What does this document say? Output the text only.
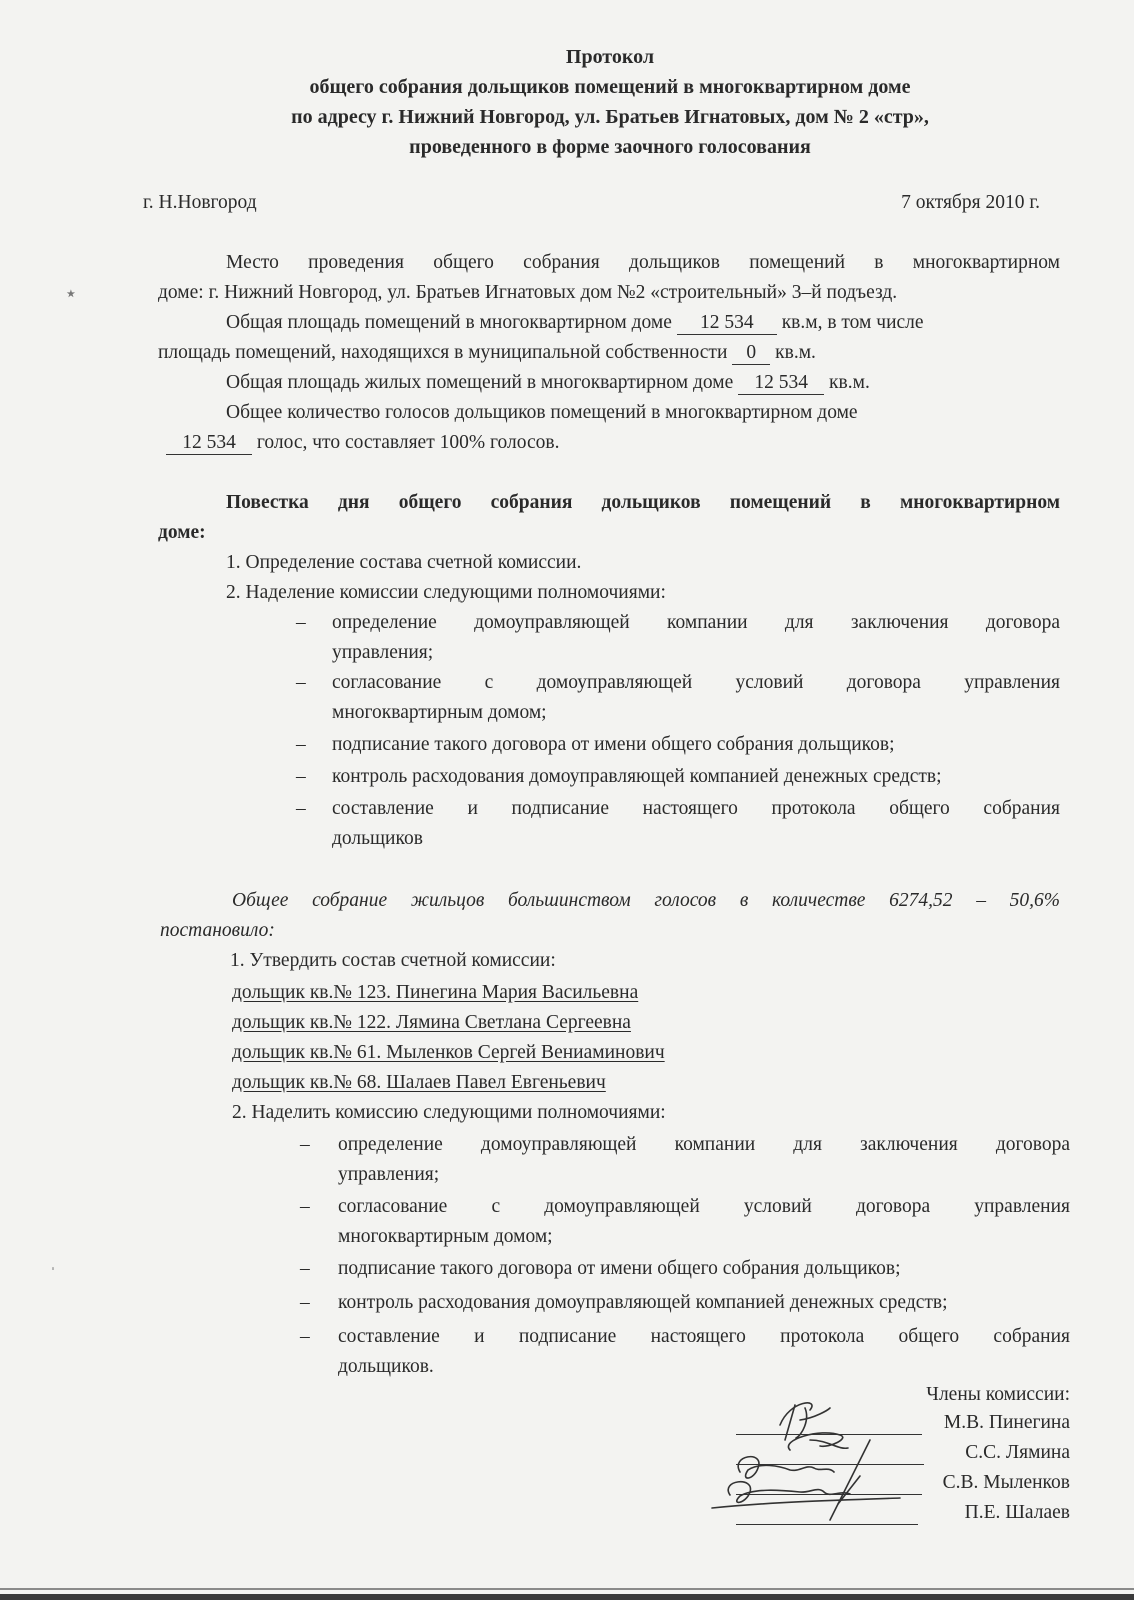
Протокол
общего собрания дольщиков помещений в многоквартирном доме
по адресу г. Нижний Новгород, ул. Братьев Игнатовых, дом № 2 «стр»,
проведенного в форме заочного голосования
г. Н.Новгород	7 октября 2010 г.
Место проведения общего собрания дольщиков помещений в многоквартирном
доме: г. Нижний Новгород, ул. Братьев Игнатовых дом №2 «строительный» 3–й подъезд.
Общая площадь помещений в многоквартирном доме 12 534 кв.м, в том числе
площадь помещений, находящихся в муниципальной собственности 0 кв.м.
Общая площадь жилых помещений в многоквартирном доме 12 534 кв.м.
Общее количество голосов дольщиков помещений в многоквартирном доме
12 534 голос, что составляет 100% голосов.
Повестка дня общего собрания дольщиков помещений в многоквартирном
доме:
1. Определение состава счетной комиссии.
2. Наделение комиссии следующими полномочиями:
– определение домоуправляющей компании для заключения договора
управления;
– согласование с домоуправляющей условий договора управления
многоквартирным домом;
– подписание такого договора от имени общего собрания дольщиков;
– контроль расходования домоуправляющей компанией денежных средств;
– составление и подписание настоящего протокола общего собрания
дольщиков
Общее собрание жильцов большинством голосов в количестве 6274,52 – 50,6%
постановило:
1. Утвердить состав счетной комиссии:
дольщик кв.№ 123. Пинегина Мария Васильевна
дольщик кв.№ 122. Лямина Светлана Сергеевна
дольщик кв.№ 61. Мыленков Сергей Вениаминович
дольщик кв.№ 68. Шалаев Павел Евгеньевич
2. Наделить комиссию следующими полномочиями:
– определение домоуправляющей компании для заключения договора
управления;
– согласование с домоуправляющей условий договора управления
многоквартирным домом;
– подписание такого договора от имени общего собрания дольщиков;
– контроль расходования домоуправляющей компанией денежных средств;
– составление и подписание настоящего протокола общего собрания
дольщиков.
Члены комиссии:
М.В. Пинегина
С.С. Лямина
С.В. Мыленков
П.Е. Шалаев
٭
ˌ
